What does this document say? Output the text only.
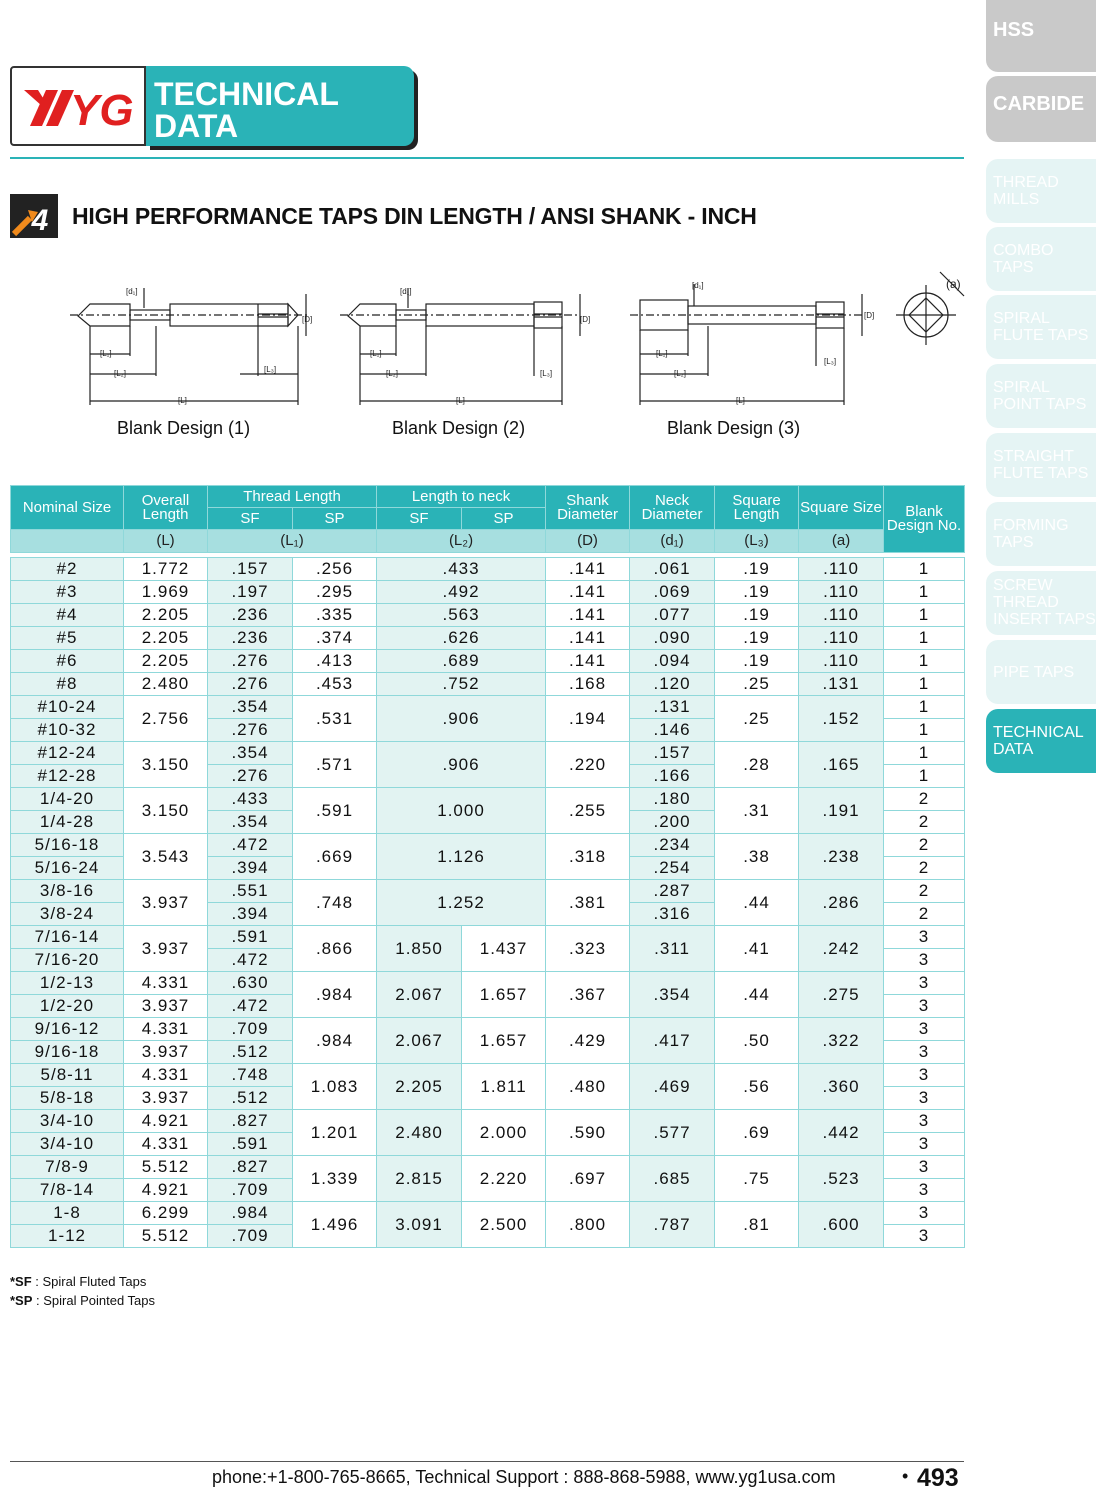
YG TECHNICAL
DATA
4 HIGH PERFORMANCE TAPS DIN LENGTH / ANSI SHANK - INCH
[d₁]
[D]
[L₁]
[L₂]	[L₃]
[L]
Blank Design (1)
[d₁]
[D]
[L₁]
[L₂]	[L₃]
[L]
Blank Design (2)
[d₁]
[D]
[L₁]
[L₂]
[L₃]
[L]
(a)
Blank Design (3)
Nominal Size	Overall Length	Thread Length		Length to neck		Shank Diameter	Neck Diameter	Square Length	Square Size	Blank Design No.
		SF	SP	SF	SP					
	(L)	(L₁)		(L₂)		(D)	(d₁)	(L₃)	(a)	

#2	1.772	.157	.256	.433		.141	.061	.19	.110	1
#3	1.969	.197	.295	.492		.141	.069	.19	.110	1
#4	2.205	.236	.335	.563		.141	.077	.19	.110	1
#5	2.205	.236	.374	.626		.141	.090	.19	.110	1
#6	2.205	.276	.413	.689		.141	.094	.19	.110	1
#8	2.480	.276	.453	.752		.168	.120	.25	.131	1
#10-24	2.756	.354	.531	.906		.194	.131	.25	.152	1
#10-32		.276					.146			1
#12-24	3.150	.354	.571	.906		.220	.157	.28	.165	1
#12-28		.276					.166			1
1/4-20	3.150	.433	.591	1.000		.255	.180	.31	.191	2
1/4-28		.354					.200			2
5/16-18	3.543	.472	.669	1.126		.318	.234	.38	.238	2
5/16-24		.394					.254			2
3/8-16	3.937	.551	.748	1.252		.381	.287	.44	.286	2
3/8-24		.394					.316			2
7/16-14	3.937	.591	.866	1.850	1.437	.323	.311	.41	.242	3
7/16-20		.472								3
1/2-13	4.331	.630	.984	2.067	1.657	.367	.354	.44	.275	3
1/2-20	3.937	.472								3
9/16-12	4.331	.709	.984	2.067	1.657	.429	.417	.50	.322	3
9/16-18	3.937	.512								3
5/8-11	4.331	.748	1.083	2.205	1.811	.480	.469	.56	.360	3
5/8-18	3.937	.512								3
3/4-10	4.921	.827	1.201	2.480	2.000	.590	.577	.69	.442	3
3/4-10	4.331	.591								3
7/8-9	5.512	.827	1.339	2.815	2.220	.697	.685	.75	.523	3
7/8-14	4.921	.709								3
1-8	6.299	.984	1.496	3.091	2.500	.800	.787	.81	.600	3
1-12	5.512	.709								3
*SF : Spiral Fluted Taps
*SP : Spiral Pointed Taps
phone:+1-800-765-8665, Technical Support : 888-868-5988, www.yg1usa.com	• 493
HSS
CARBIDE
THREAD MILLS
COMBO TAPS
SPIRAL FLUTE TAPS
SPIRAL POINT TAPS
STRAIGHT FLUTE TAPS
FORMING TAPS
SCREW THREAD INSERT TAPS
PIPE TAPS
TECHNICAL DATA
